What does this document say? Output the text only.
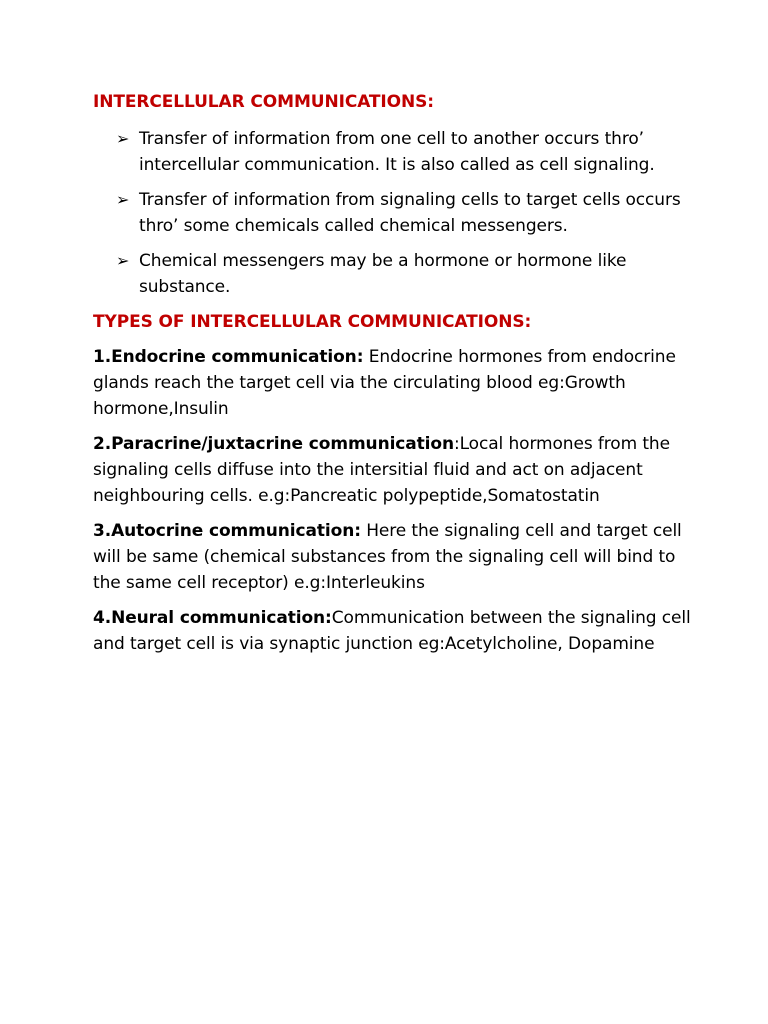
INTERCELLULAR COMMUNICATIONS:
➢ Transfer of information from one cell to another occurs thro’ intercellular communication. It is also called as cell signaling.
➢ Transfer of information from signaling cells to target cells occurs thro’ some chemicals called chemical messengers.
➢ Chemical messengers may be a hormone or hormone like substance.
TYPES OF INTERCELLULAR COMMUNICATIONS:

1.Endocrine communication: Endocrine hormones from endocrine glands reach the target cell via the circulating blood eg:Growth hormone,Insulin

2.Paracrine/juxtacrine communication:Local hormones from the signaling cells diffuse into the intersitial fluid and act on adjacent neighbouring cells. e.g:Pancreatic polypeptide,Somatostatin

3.Autocrine communication: Here the signaling cell and target cell will be same (chemical substances from the signaling cell will bind to the same cell receptor) e.g:Interleukins

4.Neural communication:Communication between the signaling cell and target cell is via synaptic junction eg:Acetylcholine, Dopamine
